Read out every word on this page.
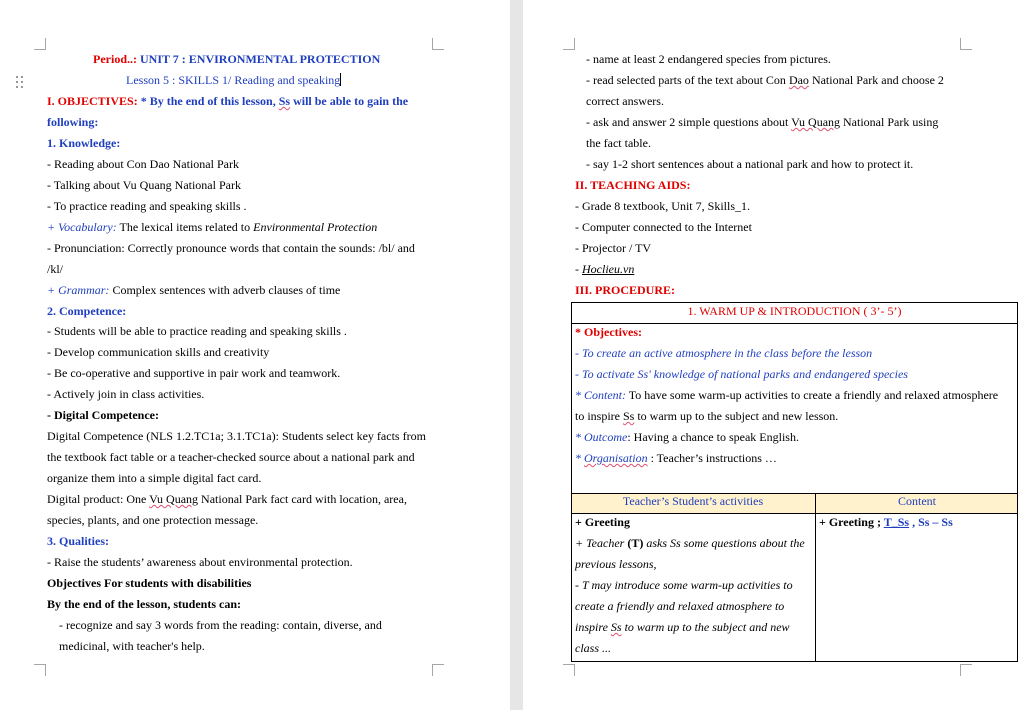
Period..: UNIT 7 : ENVIRONMENTAL PROTECTION
Lesson 5 : SKILLS 1/ Reading and speaking
I. OBJECTIVES: * By the end of this lesson, Ss will be able to gain the
following:
1. Knowledge:
- Reading about Con Dao National Park
- Talking about Vu Quang National Park
- To practice reading and speaking skills .
+ Vocabulary: The lexical items related to Environmental Protection
- Pronunciation: Correctly pronounce words that contain the sounds: /bl/ and
/kl/
+ Grammar: Complex sentences with adverb clauses of time
2. Competence:
- Students will be able to practice reading and speaking skills .
- Develop communication skills and creativity
- Be co-operative and supportive in pair work and teamwork.
- Actively join in class activities.
- Digital Competence:
Digital Competence (NLS 1.2.TC1a; 3.1.TC1a): Students select key facts from
the textbook fact table or a teacher-checked source about a national park and
organize them into a simple digital fact card.
Digital product: One Vu Quang National Park fact card with location, area,
species, plants, and one protection message.
3. Qualities:
- Raise the students’ awareness about environmental protection.
Objectives For students with disabilities
By the end of the lesson, students can:
- recognize and say 3 words from the reading: contain, diverse, and
medicinal, with teacher's help.
- name at least 2 endangered species from pictures.
- read selected parts of the text about Con Dao National Park and choose 2
correct answers.
- ask and answer 2 simple questions about Vu Quang National Park using
the fact table.
- say 1-2 short sentences about a national park and how to protect it.
II. TEACHING AIDS:
- Grade 8 textbook, Unit 7, Skills_1.
- Computer connected to the Internet
- Projector / TV
- Hoclieu.vn
III. PROCEDURE:
1. WARM UP & INTRODUCTION ( 3’- 5’)
* Objectives:
- To create an active atmosphere in the class before the lesson
- To activate Ss' knowledge of national parks and endangered species
* Content: To have some warm-up activities to create a friendly and relaxed atmosphere
to inspire Ss to warm up to the subject and new lesson.
* Outcome: Having a chance to speak English.
* Organisation : Teacher’s instructions …
Teacher’s Student’s activities	Content
+ Greeting
+ Teacher (T) asks Ss some questions about the
previous lessons,
- T may introduce some warm-up activities to
create a friendly and relaxed atmosphere to
inspire Ss to warm up to the subject and new
class ...
+ Greeting ; T_Ss , Ss – Ss
